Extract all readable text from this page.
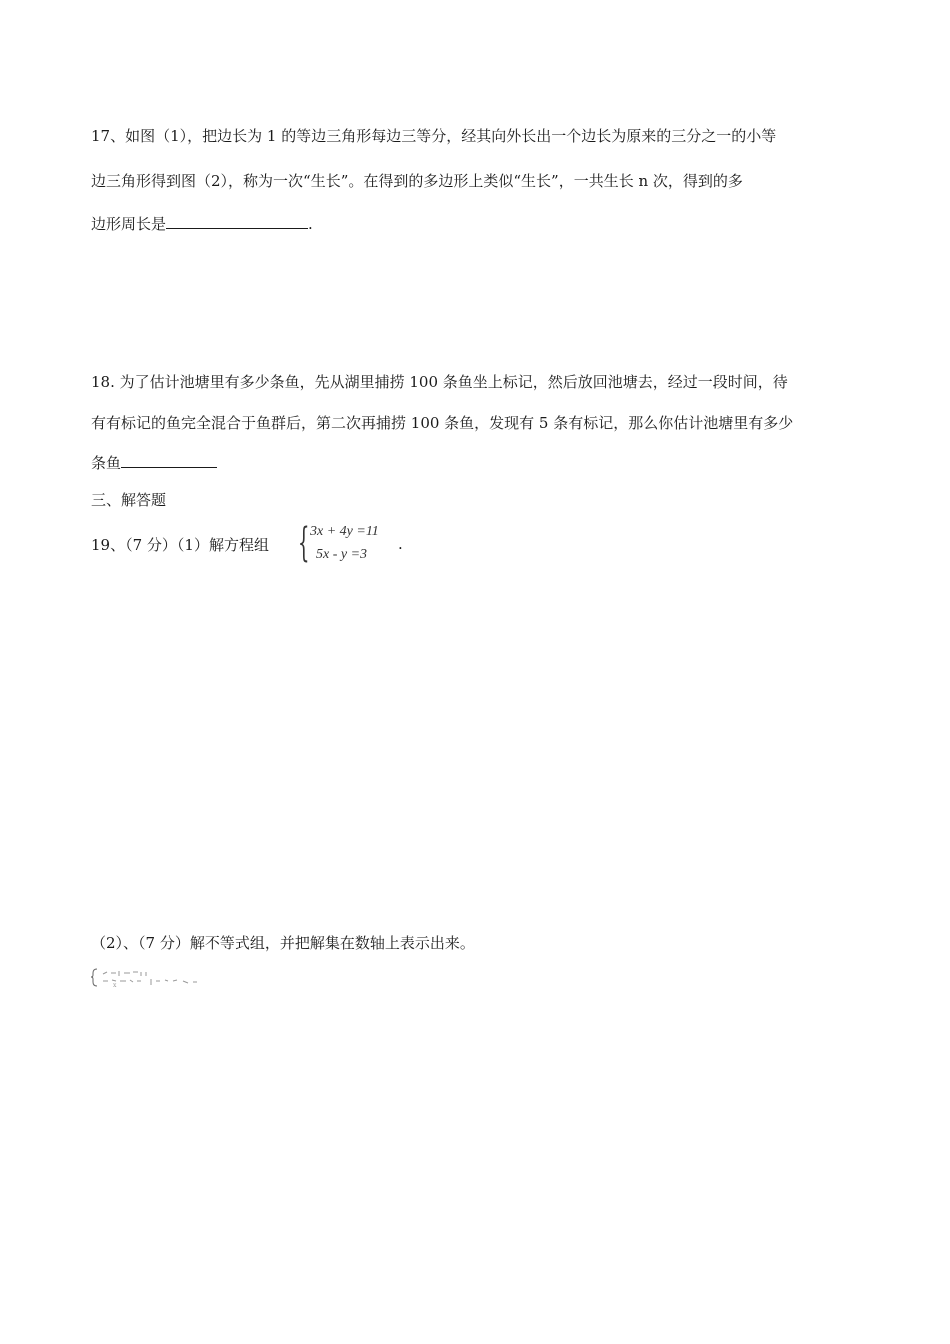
17、如图（1），把边长为 1 的等边三角形每边三等分，经其向外长出一个边长为原来的三分之一的小等
边三角形得到图（2），称为一次“生长”。在得到的多边形上类似“生长”，一共生长 n 次，得到的多
边形周长是	.
18. 为了估计池塘里有多少条鱼，先从湖里捕捞 100 条鱼坐上标记，然后放回池塘去，经过一段时间，待
有有标记的鱼完全混合于鱼群后，第二次再捕捞 100 条鱼，发现有 5 条有标记，那么你估计池塘里有多少
条鱼
三、解答题
19、（7 分）（1）解方程组 { 3x + 4y =11
5x - y =3
.
（2）、（7 分）解不等式组，并把解集在数轴上表示出来。
x
